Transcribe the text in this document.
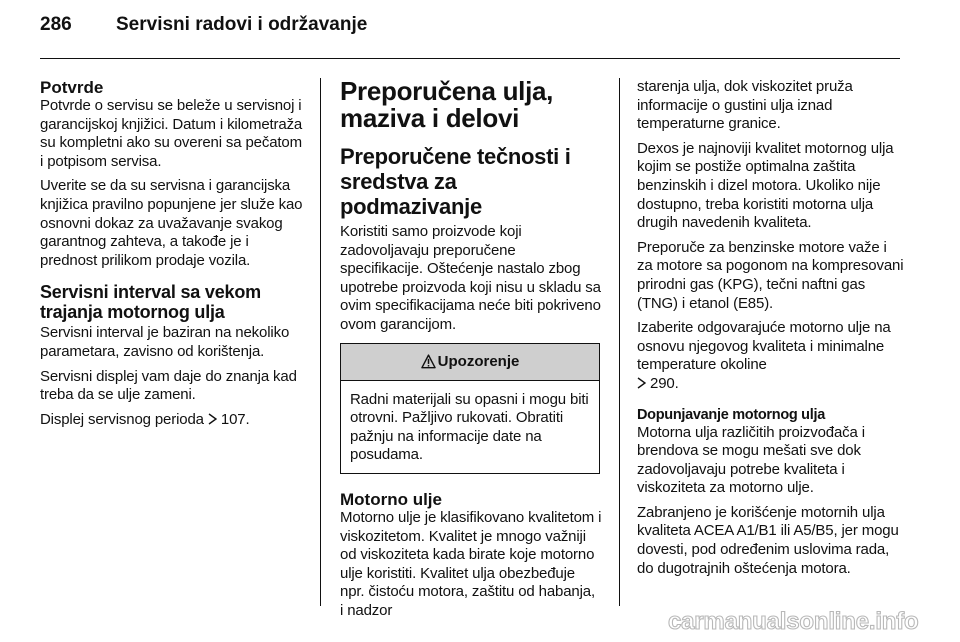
286	Servisni radovi i održavanje
Potvrde

Potvrde o servisu se beleže u servisnoj i garancijskoj knjižici. Datum i kilometraža su kompletni ako su overeni sa pečatom i potpisom servisa.

Uverite se da su servisna i garancijska knjižica pravilno popunjene jer služe kao osnovni dokaz za uvažavanje svakog garantnog zahteva, a takođe je i prednost prilikom prodaje vozila.

Servisni interval sa vekom
trajanja motornog ulja

Servisni interval je baziran na nekoliko parametara, zavisno od korištenja.

Servisni displej vam daje do znanja kad treba da se ulje zameni.

Displej servisnog perioda 107.

Preporučena ulja,
maziva i delovi
Preporučene tečnosti i
sredstva za podmazivanje

Koristiti samo proizvode koji zadovoljavaju preporučene specifikacije. Oštećenje nastalo zbog upotrebe proizvoda koji nisu u skladu sa ovim specifikacijama neće biti pokriveno ovom garancijom.

Upozorenje

Radni materijali su opasni i mogu biti otrovni. Pažljivo rukovati. Obratiti pažnju na informacije date na posudama.

Motorno ulje

Motorno ulje je klasifikovano kvalitetom i viskozitetom. Kvalitet je mnogo važniji od viskoziteta kada birate koje motorno ulje koristiti. Kvalitet ulja obezbeđuje npr. čistoću motora, zaštitu od habanja, i nadzor

starenja ulja, dok viskozitet pruža informacije o gustini ulja iznad temperaturne granice.

Dexos je najnoviji kvalitet motornog ulja kojim se postiže optimalna zaštita benzinskih i dizel motora. Ukoliko nije dostupno, treba koristiti motorna ulja drugih navedenih kvaliteta.

Preporuče za benzinske motore važe i za motore sa pogonom na kompresovani prirodni gas (KPG), tečni naftni gas (TNG) i etanol (E85).

Izaberite odgovarajuće motorno ulje na osnovu njegovog kvaliteta i minimalne temperature okoline
290.

Dopunjavanje motornog ulja

Motorna ulja različitih proizvođača i brendova se mogu mešati sve dok zadovoljavaju potrebe kvaliteta i viskoziteta za motorno ulje.

Zabranjeno je korišćenje motornih ulja kvaliteta ACEA A1/B1 ili A5/B5, jer mogu dovesti, pod određenim uslovima rada, do dugotrajnih oštećenja motora.

carmanualsonline.info
